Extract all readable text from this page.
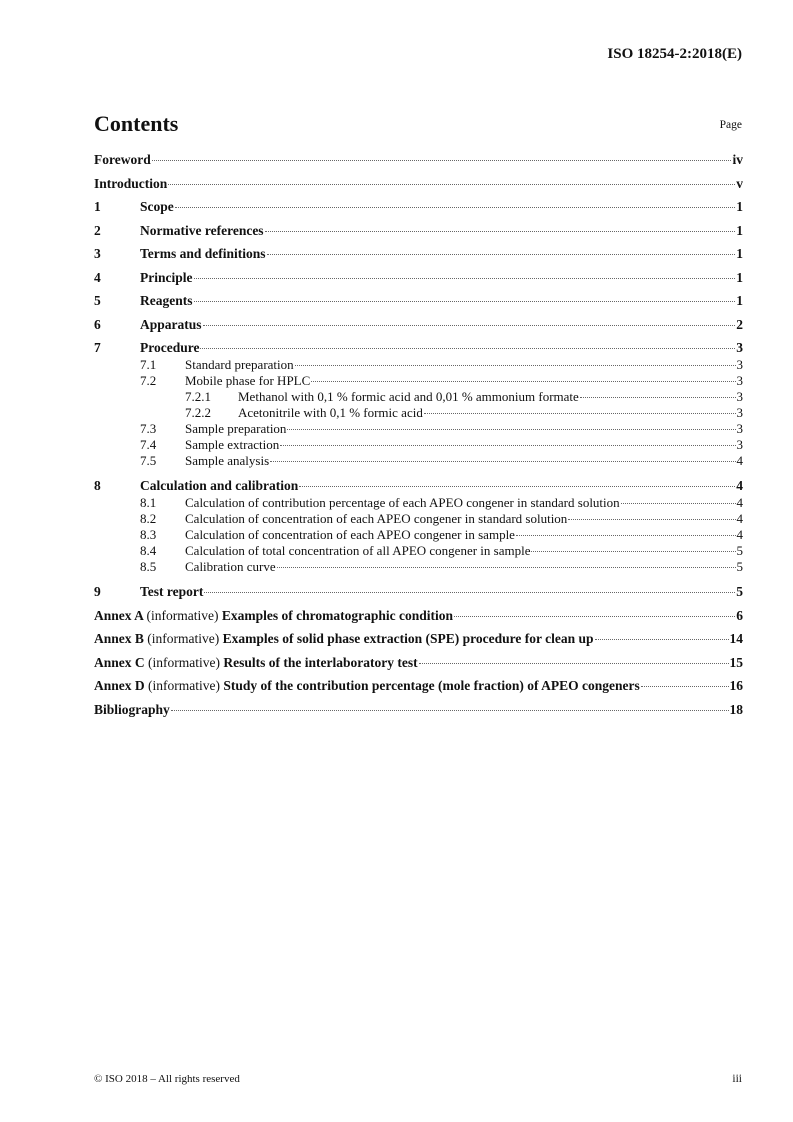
ISO 18254-2:2018(E)
Contents	Page
Foreword	iv
Introduction	v
1	Scope	1
2	Normative references	1
3	Terms and definitions	1
4	Principle	1
5	Reagents	1
6	Apparatus	2
7	Procedure	3
7.1	Standard preparation	3
7.2	Mobile phase for HPLC	3
7.2.1	Methanol with 0,1 % formic acid and 0,01 % ammonium formate	3
7.2.2	Acetonitrile with 0,1 % formic acid	3
7.3	Sample preparation	3
7.4	Sample extraction	3
7.5	Sample analysis	4
8	Calculation and calibration	4
8.1	Calculation of contribution percentage of each APEO congener in standard solution	4
8.2	Calculation of concentration of each APEO congener in standard solution	4
8.3	Calculation of concentration of each APEO congener in sample	4
8.4	Calculation of total concentration of all APEO congener in sample	5
8.5	Calibration curve	5
9	Test report	5
Annex A (informative) Examples of chromatographic condition	6
Annex B (informative) Examples of solid phase extraction (SPE) procedure for clean up	14
Annex C (informative) Results of the interlaboratory test	15
Annex D (informative) Study of the contribution percentage (mole fraction) of APEO congeners	16
Bibliography	18
© ISO 2018 – All rights reserved	iii
